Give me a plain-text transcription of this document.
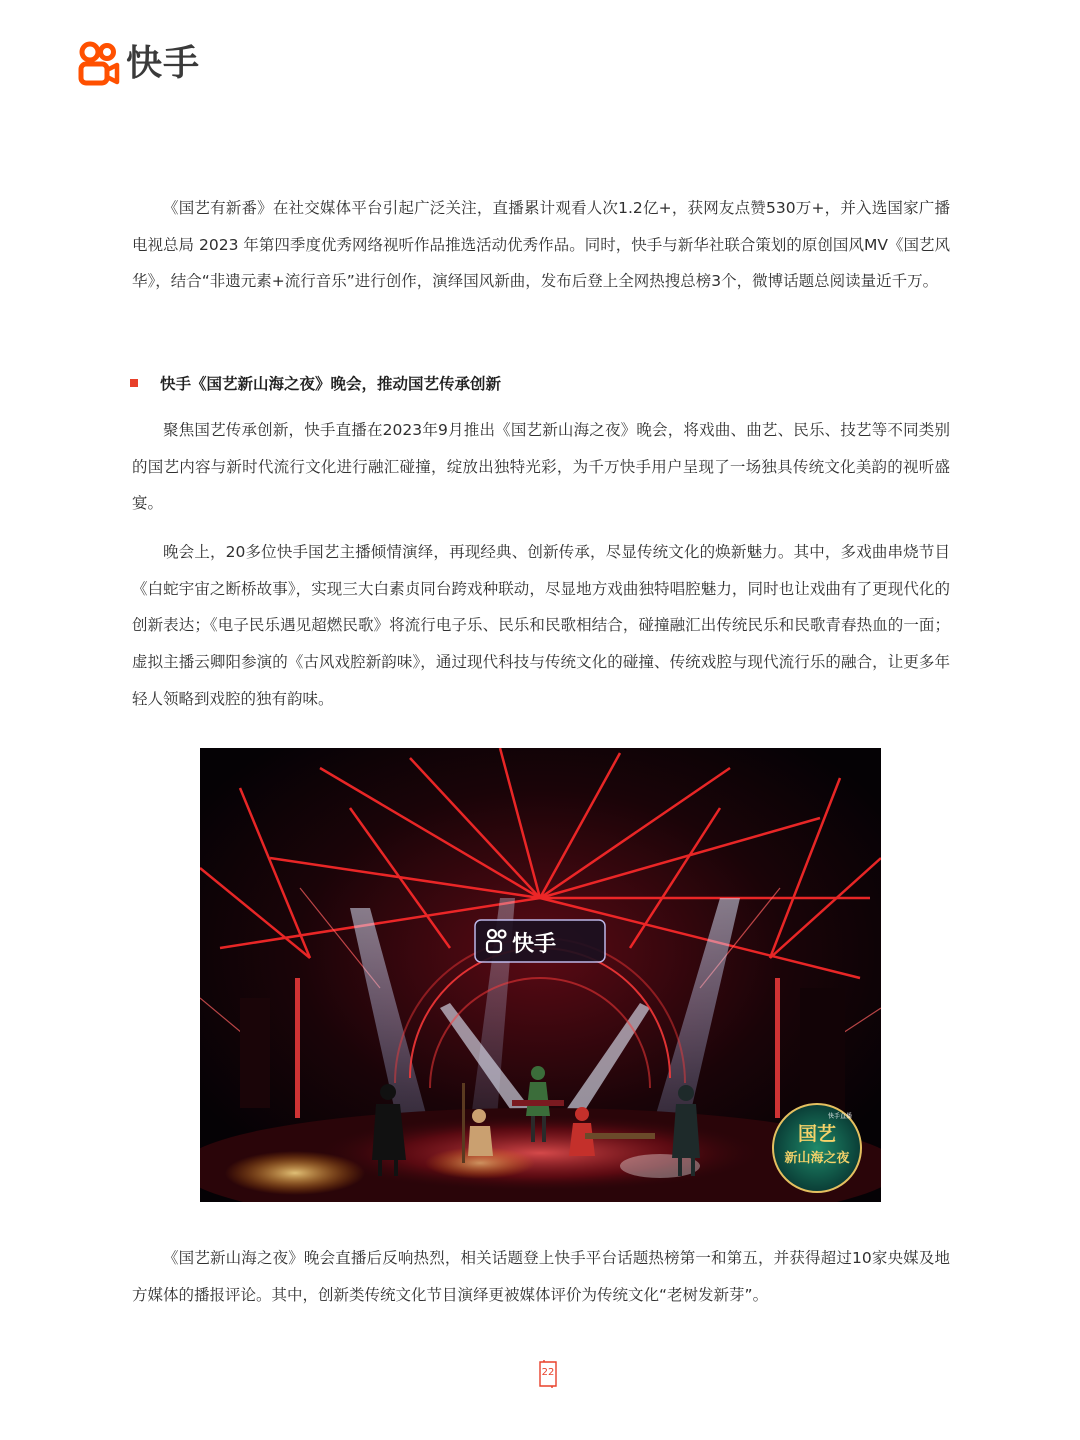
快手

《国艺有新番》在社交媒体平台引起广泛关注，直播累计观看人次1.2亿+，获网友点赞530万+，并入选国家广播电视总局 2023 年第四季度优秀网络视听作品推选活动优秀作品。同时，快手与新华社联合策划的原创国风MV《国艺风华》，结合“非遗元素+流行音乐”进行创作，演绎国风新曲，发布后登上全网热搜总榜3个，微博话题总阅读量近千万。

快手《国艺新山海之夜》晚会，推动国艺传承创新

聚焦国艺传承创新，快手直播在2023年9月推出《国艺新山海之夜》晚会，将戏曲、曲艺、民乐、技艺等不同类别的国艺内容与新时代流行文化进行融汇碰撞，绽放出独特光彩，为千万快手用户呈现了一场独具传统文化美韵的视听盛宴。

晚会上，20多位快手国艺主播倾情演绎，再现经典、创新传承，尽显传统文化的焕新魅力。其中，多戏曲串烧节目《白蛇宇宙之断桥故事》，实现三大白素贞同台跨戏种联动，尽显地方戏曲独特唱腔魅力，同时也让戏曲有了更现代化的创新表达；《电子民乐遇见超燃民歌》将流行电子乐、民乐和民歌相结合，碰撞融汇出传统民乐和民歌青春热血的一面；虚拟主播云卿阳参演的《古风戏腔新韵味》，通过现代科技与传统文化的碰撞、传统戏腔与现代流行乐的融合，让更多年轻人领略到戏腔的独有韵味。

快手
国艺
新山海之夜
快手直播

《国艺新山海之夜》晚会直播后反响热烈，相关话题登上快手平台话题热榜第一和第五，并获得超过10家央媒及地方媒体的播报评论。其中，创新类传统文化节目演绎更被媒体评价为传统文化“老树发新芽”。

22
